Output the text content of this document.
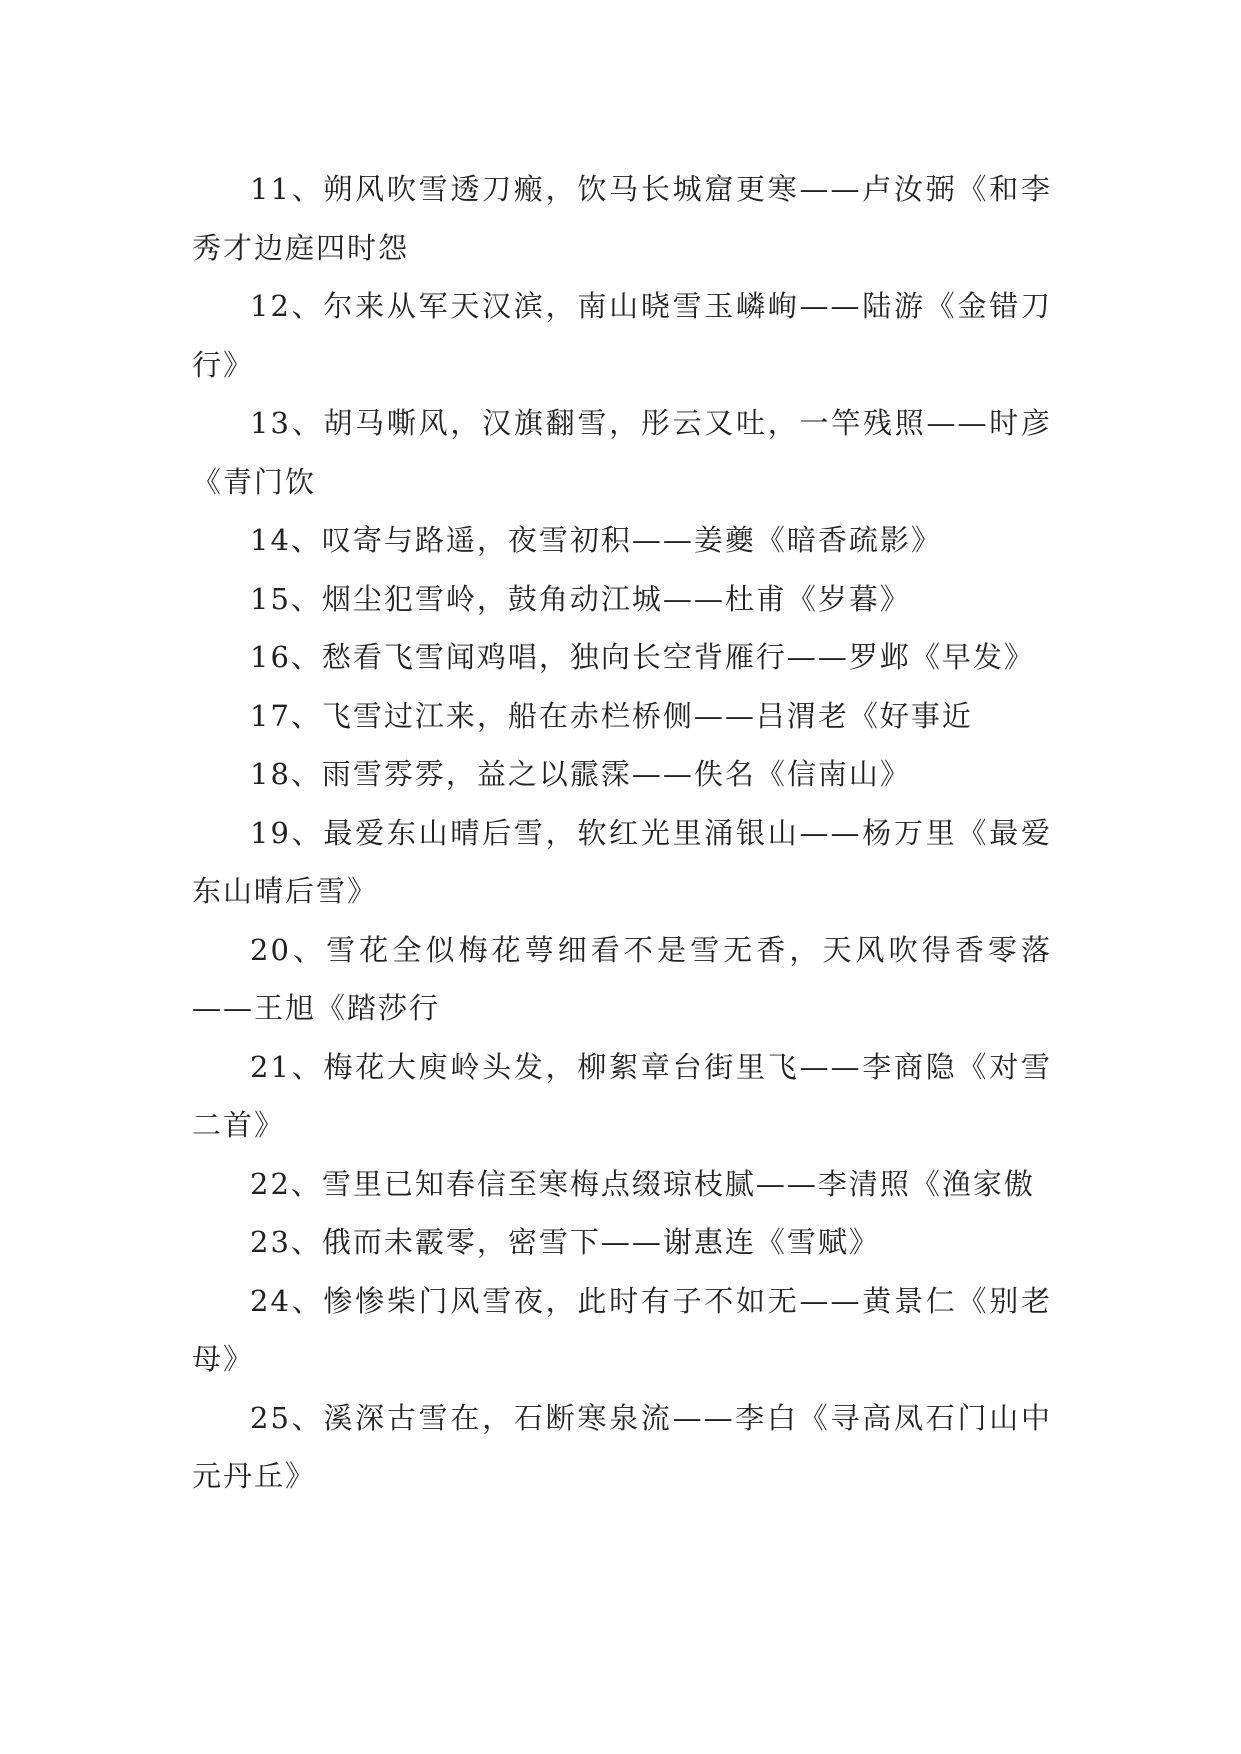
11、朔风吹雪透刀瘢，饮马长城窟更寒——卢汝弼《和李秀才边庭四时怨

12、尔来从军天汉滨，南山晓雪玉嶙峋——陆游《金错刀行》

13、胡马嘶风，汉旗翻雪，彤云又吐，一竿残照——时彦《青门饮

14、叹寄与路遥，夜雪初积——姜夔《暗香疏影》

15、烟尘犯雪岭，鼓角动江城——杜甫《岁暮》

16、愁看飞雪闻鸡唱，独向长空背雁行——罗邺《早发》

17、飞雪过江来，船在赤栏桥侧——吕渭老《好事近

18、雨雪雰雰，益之以霢霂——佚名《信南山》

19、最爱东山晴后雪，软红光里涌银山——杨万里《最爱东山晴后雪》

20、雪花全似梅花萼细看不是雪无香，天风吹得香零落——王旭《踏莎行

21、梅花大庾岭头发，柳絮章台街里飞——李商隐《对雪二首》

22、雪里已知春信至寒梅点缀琼枝腻——李清照《渔家傲

23、俄而未霰零，密雪下——谢惠连《雪赋》

24、惨惨柴门风雪夜，此时有子不如无——黄景仁《别老母》

25、溪深古雪在，石断寒泉流——李白《寻高凤石门山中元丹丘》
